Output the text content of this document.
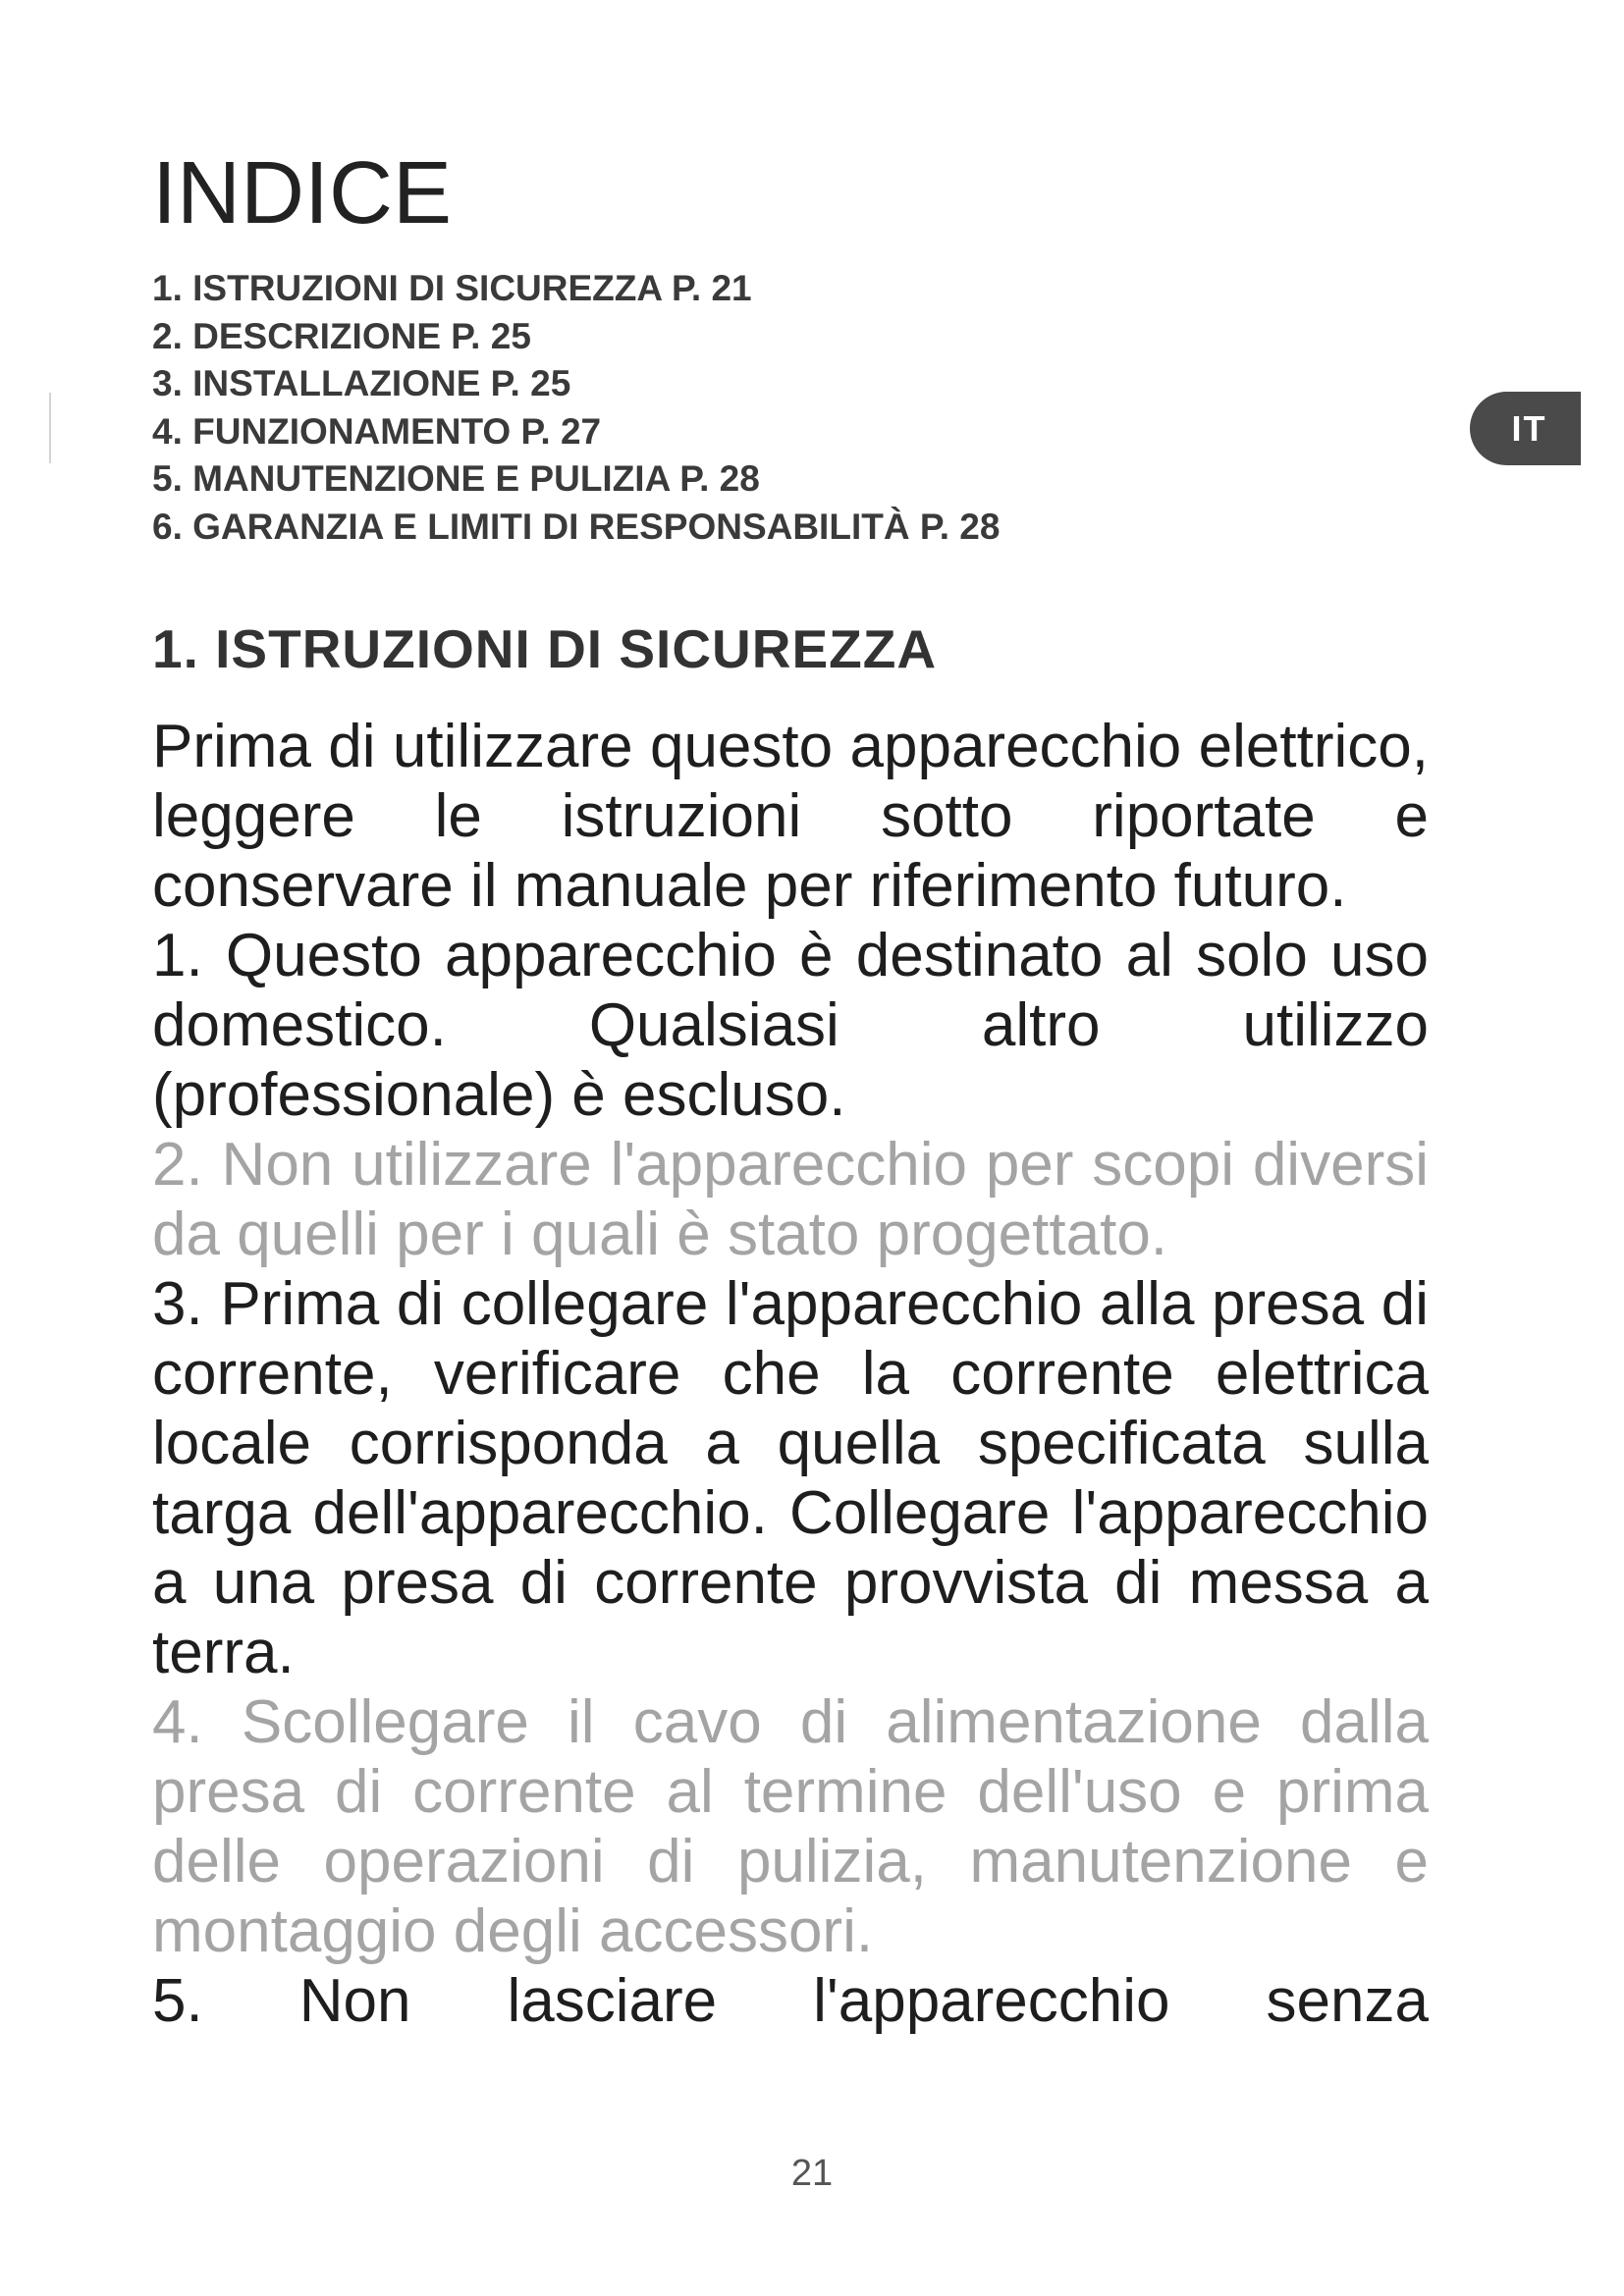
IT
INDICE
1. ISTRUZIONI DI SICUREZZA P. 21
2. DESCRIZIONE P. 25
3. INSTALLAZIONE P. 25
4. FUNZIONAMENTO P. 27
5. MANUTENZIONE E PULIZIA P. 28
6. GARANZIA E LIMITI DI RESPONSABILITÀ P. 28
1. ISTRUZIONI DI SICUREZZA

Prima di utilizzare questo apparecchio elettrico, leggere le istruzioni sotto riportate e conservare il manuale per riferimento futuro.

1. Questo apparecchio è destinato al solo uso domestico. Qualsiasi altro utilizzo (professionale) è escluso.

2. Non utilizzare l'apparecchio per scopi diversi da quelli per i quali è stato progettato.

3. Prima di collegare l'apparecchio alla presa di corrente, verificare che la corrente elettrica locale corrisponda a quella specificata sulla targa dell'apparecchio. Collegare l'apparecchio a una presa di corrente provvista di messa a terra.

4. Scollegare il cavo di alimentazione dalla presa di corrente al termine dell'uso e prima delle operazioni di pulizia, manutenzione e montaggio degli accessori.

5. Non lasciare l'apparecchio senza

21
